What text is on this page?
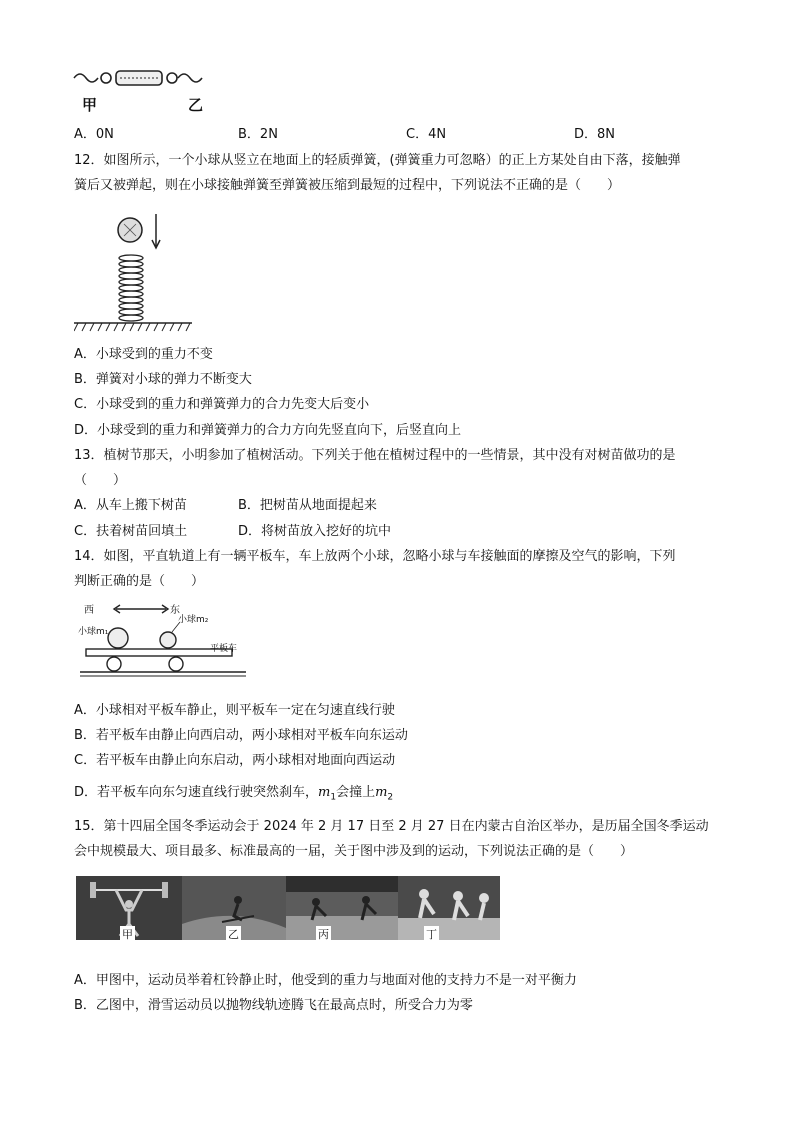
甲	乙
A．0N	B．2N	C．4N	D．8N
12．如图所示，一个小球从竖立在地面上的轻质弹簧，(弹簧重力可忽略）的正上方某处自由下落，接触弹
簧后又被弹起，则在小球接触弹簧至弹簧被压缩到最短的过程中，下列说法不正确的是（　　）
A．小球受到的重力不变
B．弹簧对小球的弹力不断变大
C．小球受到的重力和弹簧弹力的合力先变大后变小
D．小球受到的重力和弹簧弹力的合力方向先竖直向下，后竖直向上
13．植树节那天，小明参加了植树活动。下列关于他在植树过程中的一些情景，其中没有对树苗做功的是
（　　）
A．从车上搬下树苗	B．把树苗从地面提起来
C．扶着树苗回填土	D．将树苗放入挖好的坑中
14．如图，平直轨道上有一辆平板车，车上放两个小球，忽略小球与车接触面的摩擦及空气的影响，下列
判断正确的是（　　）
西	东
小球m₁
小球m₂
平板车
A．小球相对平板车静止，则平板车一定在匀速直线行驶
B．若平板车由静止向西启动，两小球相对平板车向东运动
C．若平板车由静止向东启动，两小球相对地面向西运动
D．若平板车向东匀速直线行驶突然刹车，$m_1$会撞上$m_2$
15．第十四届全国冬季运动会于 2024 年 2 月 17 日至 2 月 27 日在内蒙古自治区举办，是历届全国冬季运动
会中规模最大、项目最多、标准最高的一届，关于图中涉及到的运动，下列说法正确的是（　　）
甲	乙	丙	丁
A．甲图中，运动员举着杠铃静止时，他受到的重力与地面对他的支持力不是一对平衡力
B．乙图中，滑雪运动员以抛物线轨迹腾飞在最高点时，所受合力为零
